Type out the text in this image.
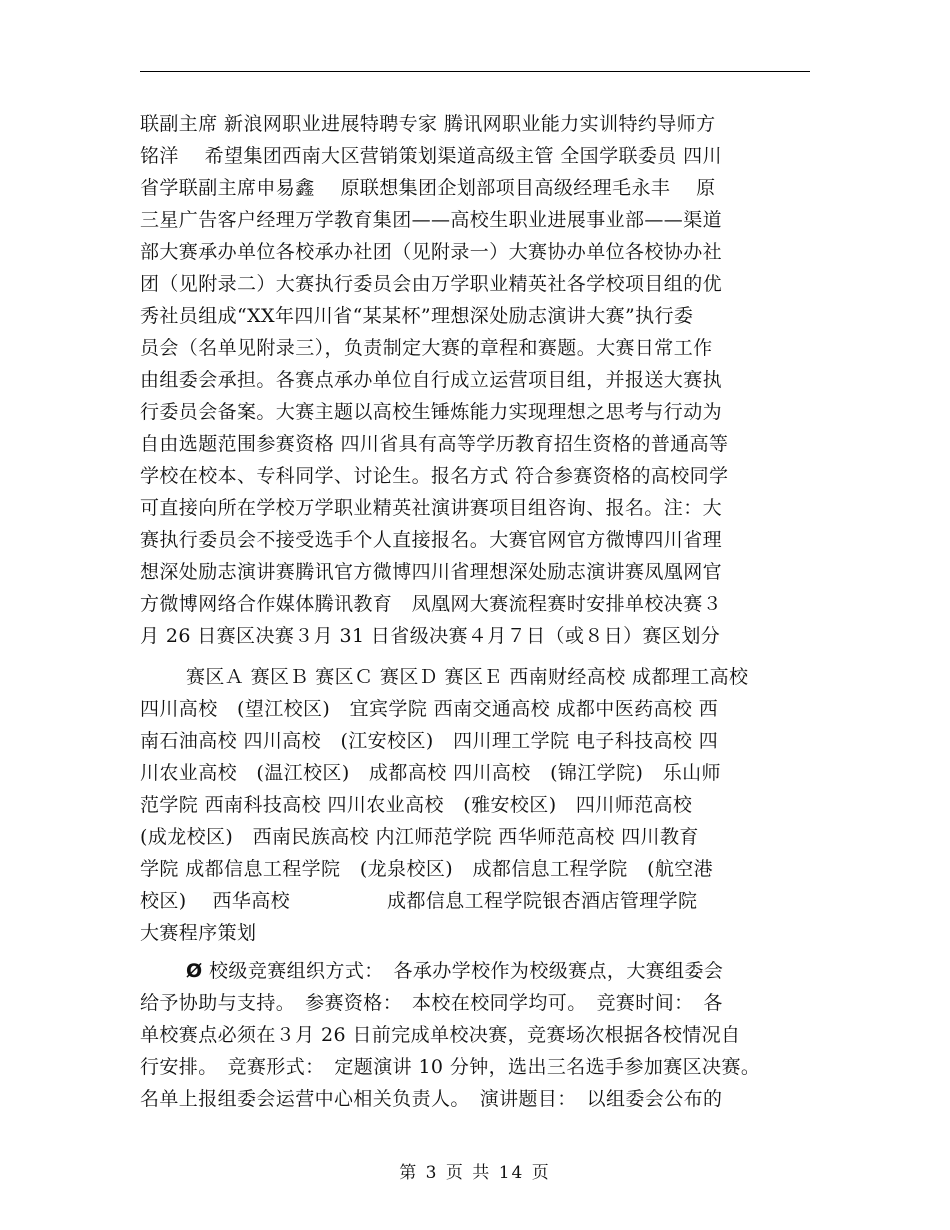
联副主席 新浪网职业进展特聘专家 腾讯网职业能力实训特约导师方
铭洋　 希望集团西南大区营销策划渠道高级主管 全国学联委员 四川
省学联副主席申易鑫　 原联想集团企划部项目高级经理毛永丰　 原
三星广告客户经理万学教育集团——高校生职业进展事业部——渠道
部大赛承办单位各校承办社团（见附录一）大赛协办单位各校协办社
团（见附录二）大赛执行委员会由万学职业精英社各学校项目组的优
秀社员组成“XX年四川省“某某杯”理想深处励志演讲大赛”执行委
员会（名单见附录三），负责制定大赛的章程和赛题。大赛日常工作
由组委会承担。各赛点承办单位自行成立运营项目组，并报送大赛执
行委员会备案。大赛主题以高校生锤炼能力实现理想之思考与行动为
自由选题范围参赛资格 四川省具有高等学历教育招生资格的普通高等
学校在校本、专科同学、讨论生。报名方式 符合参赛资格的高校同学
可直接向所在学校万学职业精英社演讲赛项目组咨询、报名。注：大
赛执行委员会不接受选手个人直接报名。大赛官网官方微博四川省理
想深处励志演讲赛腾讯官方微博四川省理想深处励志演讲赛凤凰网官
方微博网络合作媒体腾讯教育　凤凰网大赛流程赛时安排单校决赛３
月 26 日赛区决赛３月 31 日省级决赛４月７日（或８日）赛区划分
赛区Ａ 赛区Ｂ 赛区Ｃ 赛区Ｄ 赛区Ｅ 西南财经高校 成都理工高校
四川高校　(望江校区)　宜宾学院 西南交通高校 成都中医药高校 西
南石油高校 四川高校　(江安校区)　四川理工学院 电子科技高校 四
川农业高校　(温江校区)　成都高校 四川高校　(锦江学院)　乐山师
范学院 西南科技高校 四川农业高校　(雅安校区)　四川师范高校
(成龙校区)　西南民族高校 内江师范学院 西华师范高校 四川教育
学院 成都信息工程学院　(龙泉校区)　成都信息工程学院　(航空港
校区)　 西华高校　　　　　成都信息工程学院银杏酒店管理学院
大赛程序策划
Ø 校级竞赛组织方式：　各承办学校作为校级赛点，大赛组委会
给予协助与支持。　参赛资格：　本校在校同学均可。　竞赛时间：　各
单校赛点必须在３月 26 日前完成单校决赛，竞赛场次根据各校情况自
行安排。　竞赛形式：　定题演讲 10 分钟，选出三名选手参加赛区决赛。
名单上报组委会运营中心相关负责人。　演讲题目：　以组委会公布的
第 3 页 共 14 页
